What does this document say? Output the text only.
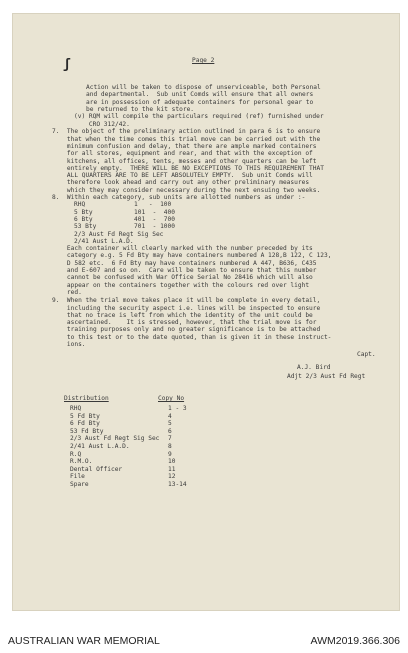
ʃ	Page 2
Action will be taken to dispose of unserviceable, both Personal
and departmental.  Sub unit Comds will ensure that all owners
are in possession of adequate containers for personal gear to
be returned to the kit store.
(v) RQM will compile the particulars required (ref) furnished under
CRO 312/42.
7.  The object of the preliminary action outlined in para 6 is to ensure
that when the time comes this trial move can be carried out with the
minimum confusion and delay, that there are ample marked containers
for all stores, equipment and rear, and that with the exception of
kitchens, all offices, tents, messes and other quarters can be left
entirely empty.  THERE WILL BE NO EXCEPTIONS TO THIS REQUIREMENT THAT
ALL QUARTERS ARE TO BE LEFT ABSOLUTELY EMPTY.  Sub unit Comds will
therefore look ahead and carry out any other preliminary measures
which they may consider necessary during the next ensuing two weeks.
8.  Within each category, sub units are allotted numbers as under :-
RHQ	1   -  100
5 Bty	101  -  400
6 Bty	401  -  700
53 Bty	701  - 1000
2/3 Aust Fd Regt Sig Sec
2/41 Aust L.A.D.
Each container will clearly marked with the number preceded by its
category e.g. 5 Fd Bty may have containers numbered A 128,B 122, C 123,
D 582 etc.  6 Fd Bty may have containers numbered A 447, B636, C435
and E-607 and so on.  Care will be taken to ensure that this number
cannot be confused with War Office Serial No 28416 which will also
appear on the containers together with the colours red over light
red.
9.  When the trial move takes place it will be complete in every detail,
including the security aspect i.e. lines will be inspected to ensure
that no trace is left from which the identity of the unit could be
ascertained.    It is stressed, however, that the trial move is for
training purposes only and no greater significance is to be attached
to this test or to the date quoted, than is given it in these instruct-
ions.
Capt.
A.J. Bird
Adjt 2/3 Aust Fd Regt
Distribution	Copy No
RHQ	1 - 3
5 Fd Bty	4
6 Fd Bty	5
53 Fd Bty	6
2/3 Aust Fd Regt Sig Sec 7
2/41 Aust L.A.D.	8
R.Q	9
R.M.O.	10
Dental Officer	11
File	12
Spare	13-14
AUSTRALIAN WAR MEMORIAL	AWM2019.366.306
